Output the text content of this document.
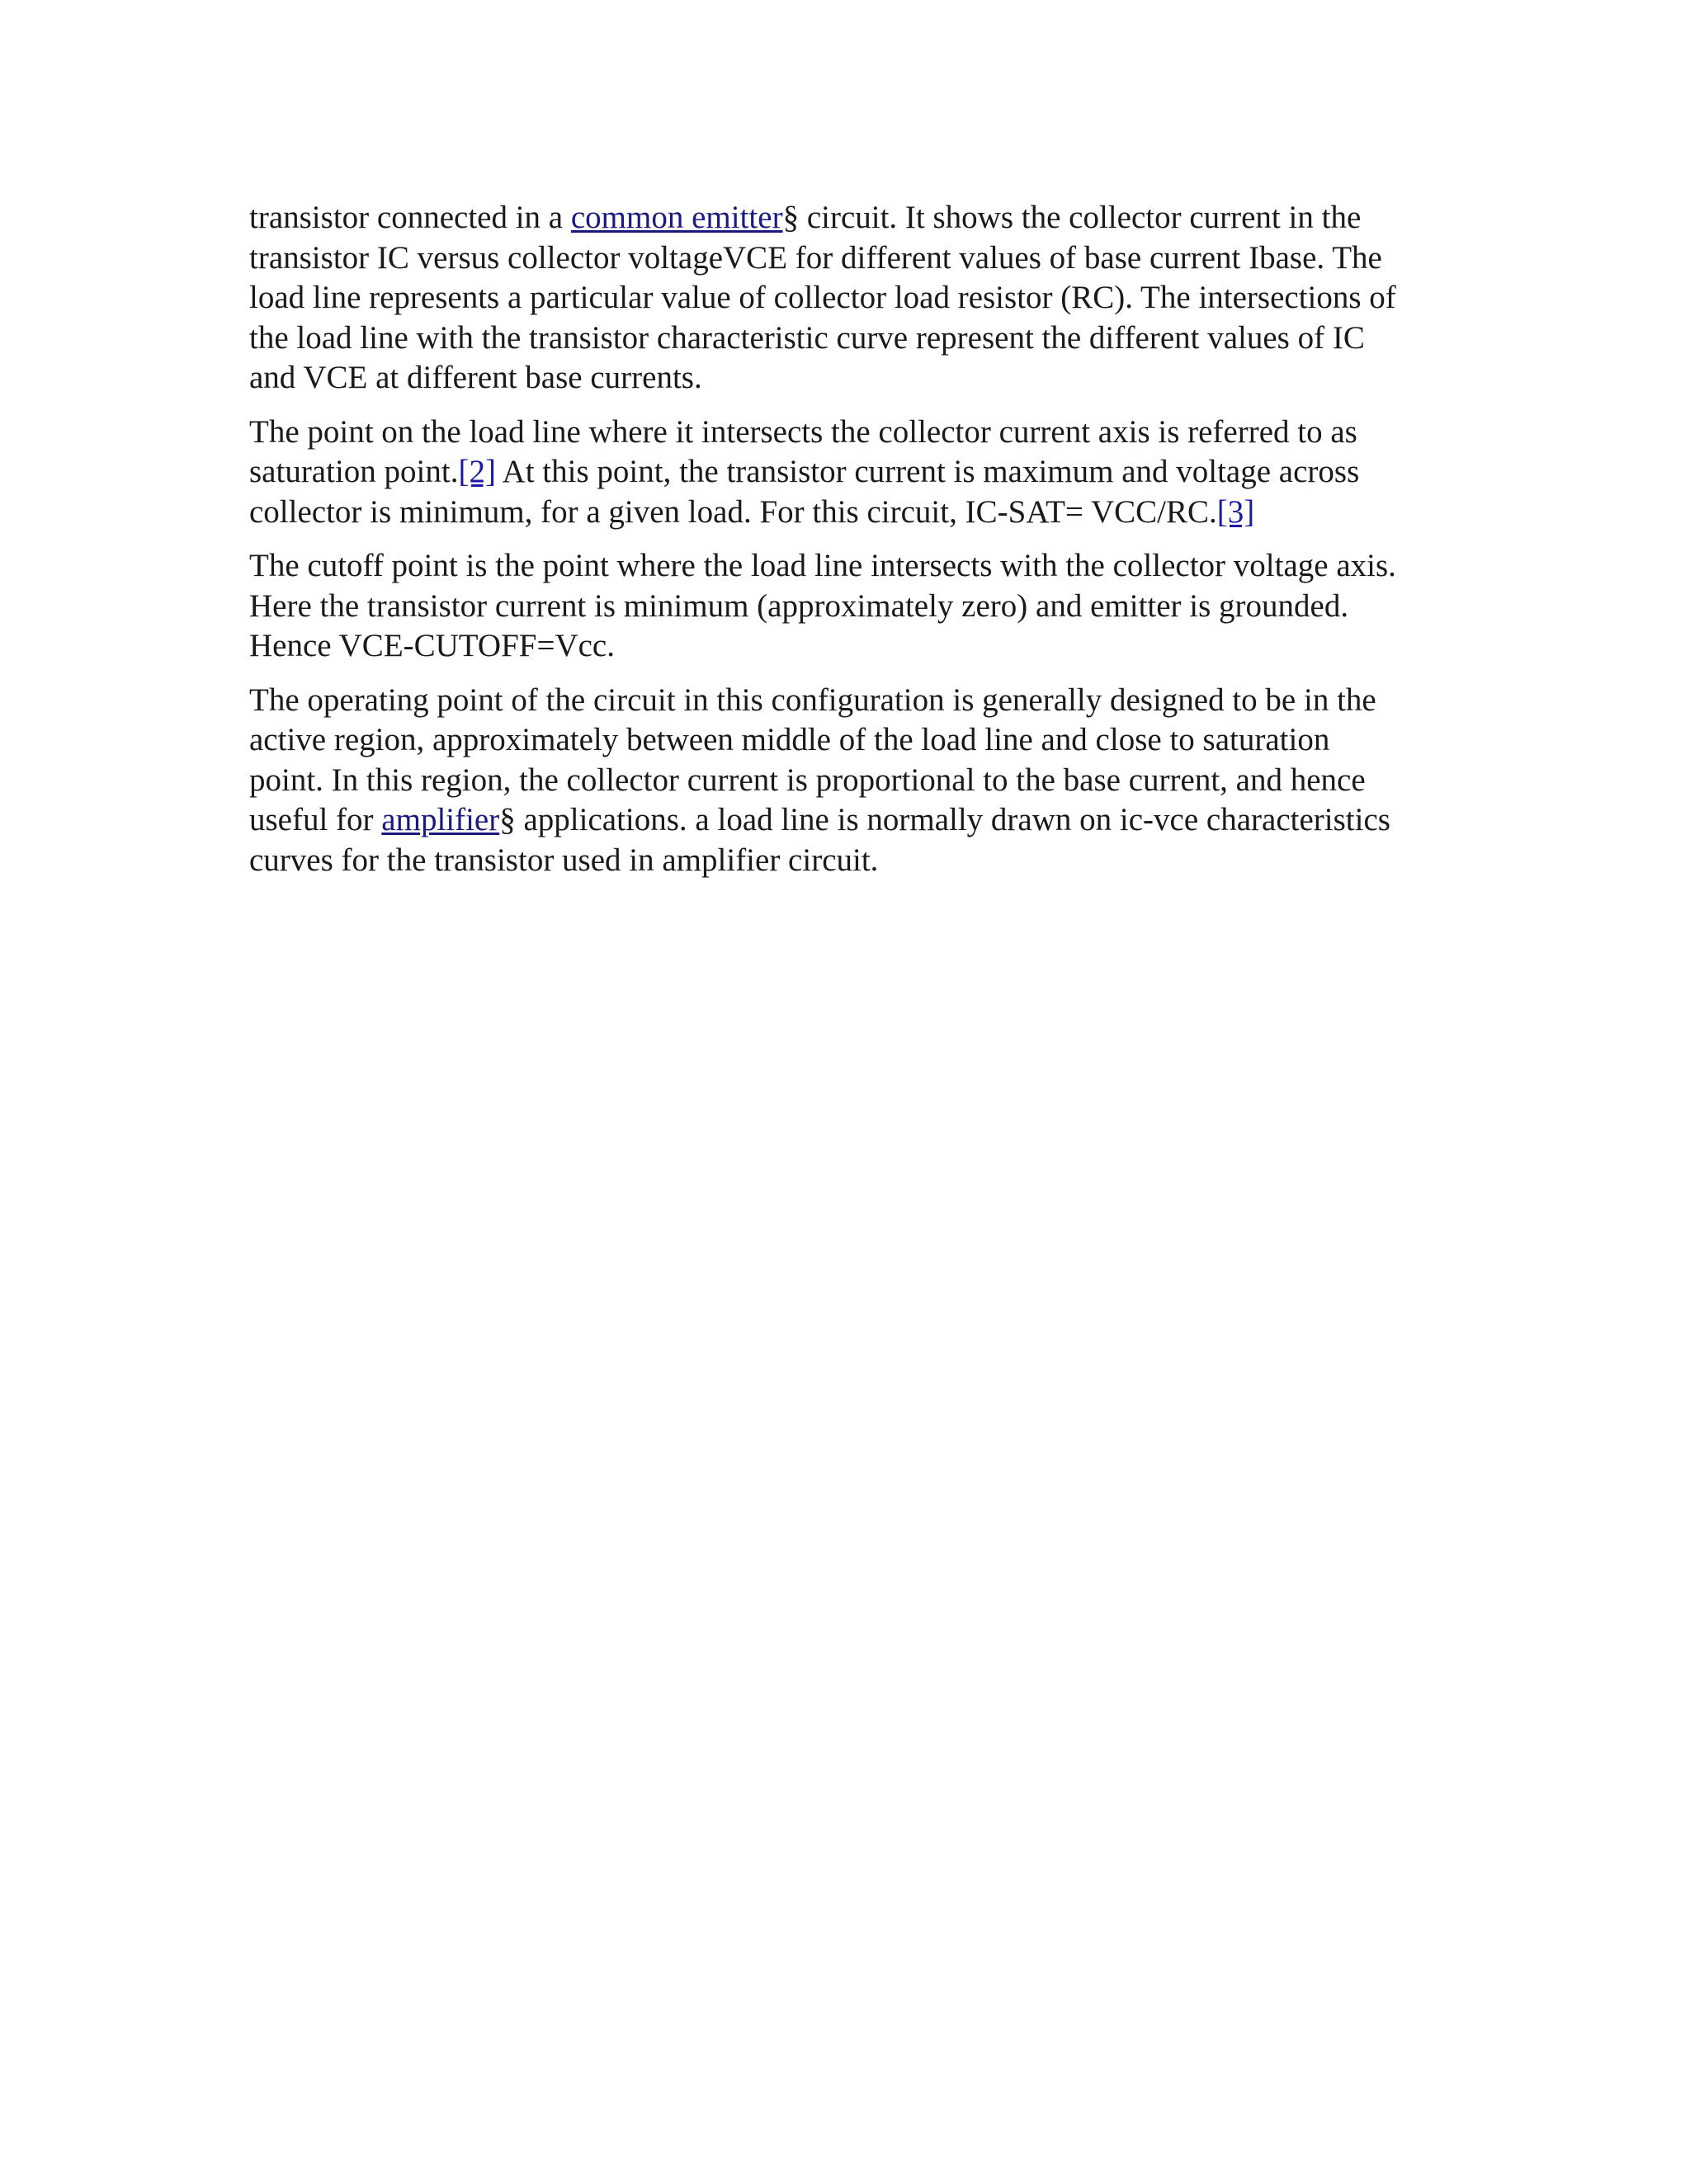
transistor connected in a common emitter§ circuit. It shows the collector current in the
transistor IC versus collector voltageVCE for different values of base current Ibase. The
load line represents a particular value of collector load resistor (RC). The intersections of
the load line with the transistor characteristic curve represent the different values of IC
and VCE at different base currents.

The point on the load line where it intersects the collector current axis is referred to as
saturation point.[2] At this point, the transistor current is maximum and voltage across
collector is minimum, for a given load. For this circuit, IC-SAT= VCC/RC.[3]

The cutoff point is the point where the load line intersects with the collector voltage axis.
Here the transistor current is minimum (approximately zero) and emitter is grounded.
Hence VCE-CUTOFF=Vcc.

The operating point of the circuit in this configuration is generally designed to be in the
active region, approximately between middle of the load line and close to saturation
point. In this region, the collector current is proportional to the base current, and hence
useful for amplifier§ applications. a load line is normally drawn on ic-vce characteristics
curves for the transistor used in amplifier circuit.
